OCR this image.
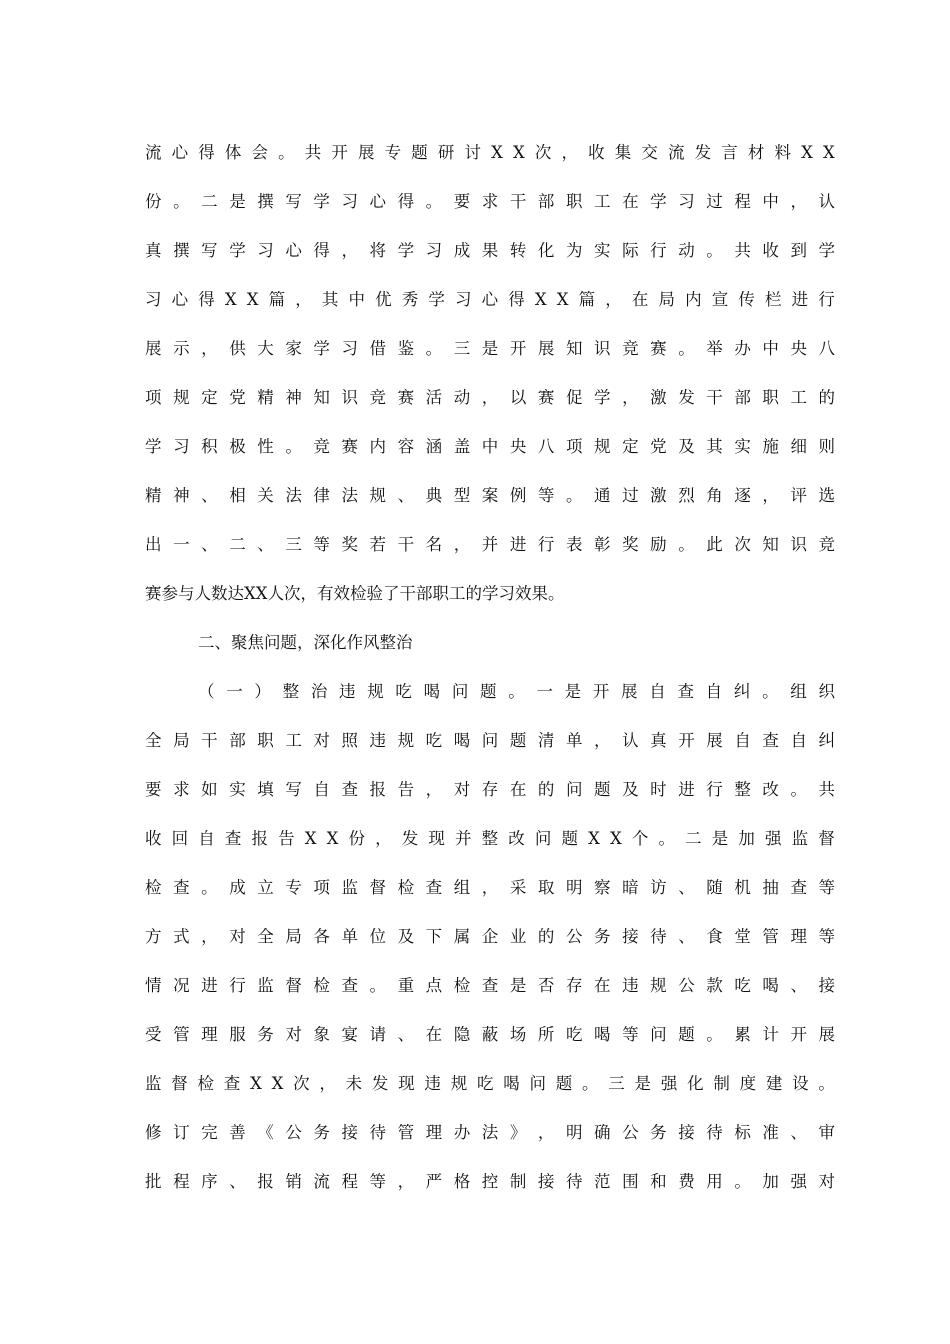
流 心 得 体 会 。 共 开 展 专 题 研 讨 X X 次 ， 收 集 交 流 发 言 材 料 X X
份 。 二 是 撰 写 学 习 心 得 。 要 求 干 部 职 工 在 学 习 过 程 中 ， 认
真 撰 写 学 习 心 得 ， 将 学 习 成 果 转 化 为 实 际 行 动 。 共 收 到 学
习 心 得 X X 篇 ， 其 中 优 秀 学 习 心 得 X X 篇 ， 在 局 内 宣 传 栏 进 行
展 示 ， 供 大 家 学 习 借 鉴 。 三 是 开 展 知 识 竞 赛 。 举 办 中 央 八
项 规 定 党 精 神 知 识 竞 赛 活 动 ， 以 赛 促 学 ， 激 发 干 部 职 工 的
学 习 积 极 性 。 竞 赛 内 容 涵 盖 中 央 八 项 规 定 党 及 其 实 施 细 则
精 神 、 相 关 法 律 法 规 、 典 型 案 例 等 。 通 过 激 烈 角 逐 ， 评 选
出 一 、 二 、 三 等 奖 若 干 名 ， 并 进 行 表 彰 奖 励 。 此 次 知 识 竞
赛参与人数达XX人次，有效检验了干部职工的学习效果。
二、聚焦问题，深化作风整治
（ 一 ） 整 治 违 规 吃 喝 问 题 。 一 是 开 展 自 查 自 纠 。 组 织
全 局 干 部 职 工 对 照 违 规 吃 喝 问 题 清 单 ， 认 真 开 展 自 查 自 纠
要 求 如 实 填 写 自 查 报 告 ， 对 存 在 的 问 题 及 时 进 行 整 改 。 共
收 回 自 查 报 告 X X 份 ， 发 现 并 整 改 问 题 X X 个 。 二 是 加 强 监 督
检 查 。 成 立 专 项 监 督 检 查 组 ， 采 取 明 察 暗 访 、 随 机 抽 查 等
方 式 ， 对 全 局 各 单 位 及 下 属 企 业 的 公 务 接 待 、 食 堂 管 理 等
情 况 进 行 监 督 检 查 。 重 点 检 查 是 否 存 在 违 规 公 款 吃 喝 、 接
受 管 理 服 务 对 象 宴 请 、 在 隐 蔽 场 所 吃 喝 等 问 题 。 累 计 开 展
监 督 检 查 X X 次 ， 未 发 现 违 规 吃 喝 问 题 。 三 是 强 化 制 度 建 设 。
修 订 完 善 《 公 务 接 待 管 理 办 法 》 ， 明 确 公 务 接 待 标 准 、 审
批 程 序 、 报 销 流 程 等 ， 严 格 控 制 接 待 范 围 和 费 用 。 加 强 对
